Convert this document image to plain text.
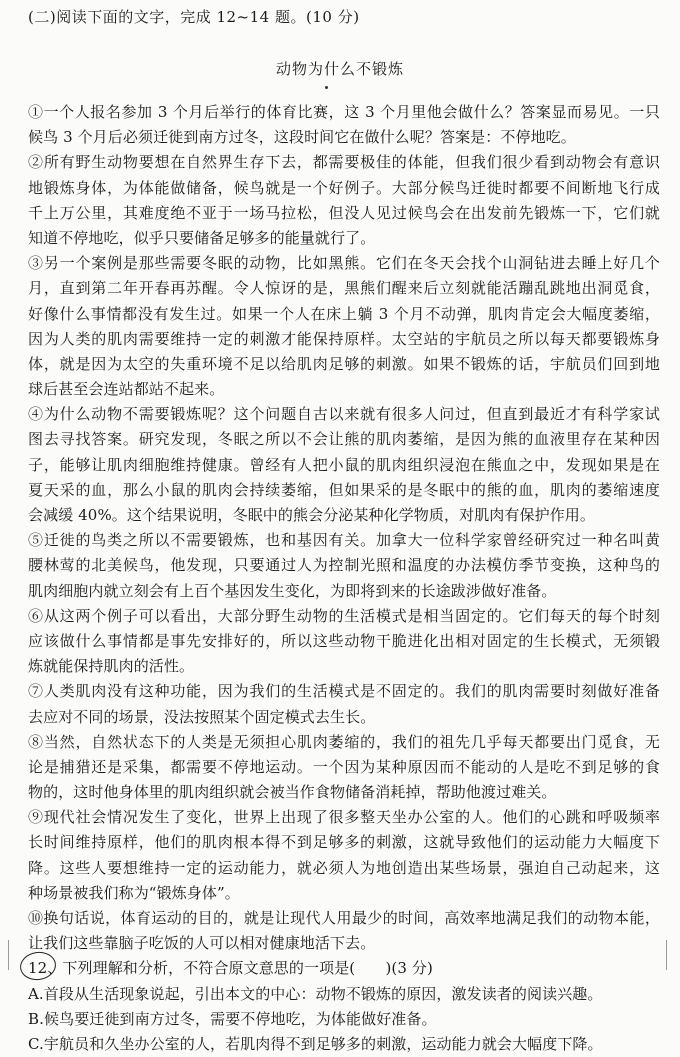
(二)阅读下面的文字，完成 12~14 题。(10 分)
动物为什么不锻炼
①一个人报名参加 3 个月后举行的体育比赛，这 3 个月里他会做什么？答案显而易见。一只
候鸟 3 个月后必须迁徙到南方过冬，这段时间它在做什么呢？答案是：不停地吃。
②所有野生动物要想在自然界生存下去，都需要极佳的体能，但我们很少看到动物会有意识
地锻炼身体，为体能做储备，候鸟就是一个好例子。大部分候鸟迁徙时都要不间断地飞行成
千上万公里，其难度绝不亚于一场马拉松，但没人见过候鸟会在出发前先锻炼一下，它们就
知道不停地吃，似乎只要储备足够多的能量就行了。
③另一个案例是那些需要冬眠的动物，比如黑熊。它们在冬天会找个山洞钻进去睡上好几个
月，直到第二年开春再苏醒。令人惊讶的是，黑熊们醒来后立刻就能活蹦乱跳地出洞觅食，
好像什么事情都没有发生过。如果一个人在床上躺 3 个月不动弹，肌肉肯定会大幅度萎缩，
因为人类的肌肉需要维持一定的刺激才能保持原样。太空站的宇航员之所以每天都要锻炼身
体，就是因为太空的失重环境不足以给肌肉足够的刺激。如果不锻炼的话，宇航员们回到地
球后甚至会连站都站不起来。
④为什么动物不需要锻炼呢？这个问题自古以来就有很多人问过，但直到最近才有科学家试
图去寻找答案。研究发现，冬眠之所以不会让熊的肌肉萎缩，是因为熊的血液里存在某种因
子，能够让肌肉细胞维持健康。曾经有人把小鼠的肌肉组织浸泡在熊血之中，发现如果是在
夏天采的血，那么小鼠的肌肉会持续萎缩，但如果采的是冬眠中的熊的血，肌肉的萎缩速度
会减缓 40%。这个结果说明，冬眠中的熊会分泌某种化学物质，对肌肉有保护作用。
⑤迁徙的鸟类之所以不需要锻炼，也和基因有关。加拿大一位科学家曾经研究过一种名叫黄
腰林莺的北美候鸟，他发现，只要通过人为控制光照和温度的办法模仿季节变换，这种鸟的
肌肉细胞内就立刻会有上百个基因发生变化，为即将到来的长途跋涉做好准备。
⑥从这两个例子可以看出，大部分野生动物的生活模式是相当固定的。它们每天的每个时刻
应该做什么事情都是事先安排好的，所以这些动物干脆进化出相对固定的生长模式，无须锻
炼就能保持肌肉的活性。
⑦人类肌肉没有这种功能，因为我们的生活模式是不固定的。我们的肌肉需要时刻做好准备
去应对不同的场景，没法按照某个固定模式去生长。
⑧当然，自然状态下的人类是无须担心肌肉萎缩的，我们的祖先几乎每天都要出门觅食，无
论是捕猎还是采集，都需要不停地运动。一个因为某种原因而不能动的人是吃不到足够的食
物的，这时他身体里的肌肉组织就会被当作食物储备消耗掉，帮助他渡过难关。
⑨现代社会情况发生了变化，世界上出现了很多整天坐办公室的人。他们的心跳和呼吸频率
长时间维持原样，他们的肌肉根本得不到足够多的刺激，这就导致他们的运动能力大幅度下
降。这些人要想维持一定的运动能力，就必须人为地创造出某些场景，强迫自己动起来，这
种场景被我们称为“锻炼身体”。
⑩换句话说，体育运动的目的，就是让现代人用最少的时间，高效率地满足我们的动物本能，
让我们这些靠脑子吃饭的人可以相对健康地活下去。
12、下列理解和分析，不符合原文意思的一项是(　　)(3 分)
A.首段从生活现象说起，引出本文的中心：动物不锻炼的原因，激发读者的阅读兴趣。
B.候鸟要迁徙到南方过冬，需要不停地吃，为体能做好准备。
C.宇航员和久坐办公室的人，若肌肉得不到足够多的刺激，运动能力就会大幅度下降。
